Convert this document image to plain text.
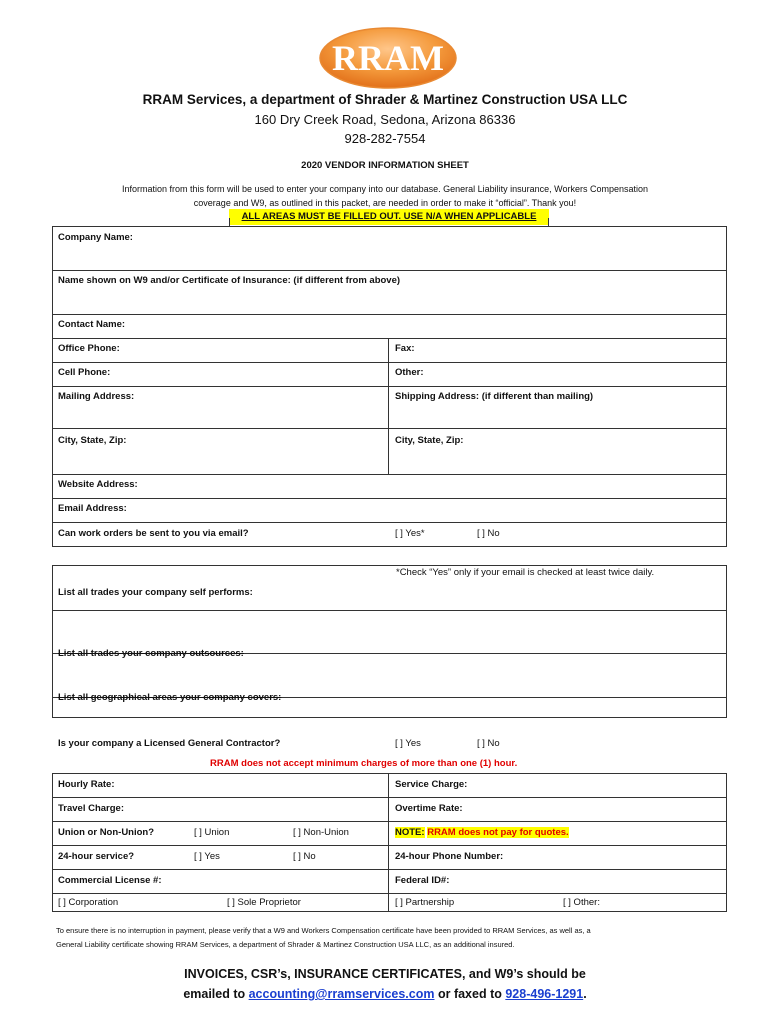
RRAM
RRAM Services, a department of Shrader & Martinez Construction USA LLC
160 Dry Creek Road, Sedona, Arizona 86336
928-282-7554
2020 VENDOR INFORMATION SHEET
Information from this form will be used to enter your company into our database. General Liability insurance, Workers Compensation
coverage and W9, as outlined in this packet, are needed in order to make it “official”. Thank you!
ALL AREAS MUST BE FILLED OUT. USE N/A WHEN APPLICABLE
Company Name:
Name shown on W9 and/or Certificate of Insurance: (if different from above)
Contact Name:
Office Phone:	Fax:
Cell Phone:	Other:
Mailing Address:	Shipping Address: (if different than mailing)
City, State, Zip:	City, State, Zip:
Website Address:
Email Address:
Can work orders be sent to you via email?	[ ] Yes*	[ ] No
*Check “Yes” only if your email is checked at least twice daily.
List all trades your company self performs:
List all trades your company outsources:
List all geographical areas your company covers:
Is your company a Licensed General Contractor?	[ ] Yes	[ ] No
RRAM does not accept minimum charges of more than one (1) hour.
Hourly Rate:	Service Charge:
Travel Charge:	Overtime Rate:
Union or Non-Union?	[ ] Union	[ ] Non-Union	NOTE: RRAM does not pay for quotes.
24-hour service?	[ ] Yes	[ ] No	24-hour Phone Number:
Commercial License #:	Federal ID#:
[ ] Corporation	[ ] Sole Proprietor	[ ] Partnership	[ ] Other:
To ensure there is no interruption in payment, please verify that a W9 and Workers Compensation certificate have been provided to RRAM Services, as well as, a
General Liability certificate showing RRAM Services, a department of Shrader & Martinez Construction USA LLC, as an additional insured.
INVOICES, CSR’s, INSURANCE CERTIFICATES, and W9’s should be
emailed to accounting@rramservices.com or faxed to 928-496-1291.
